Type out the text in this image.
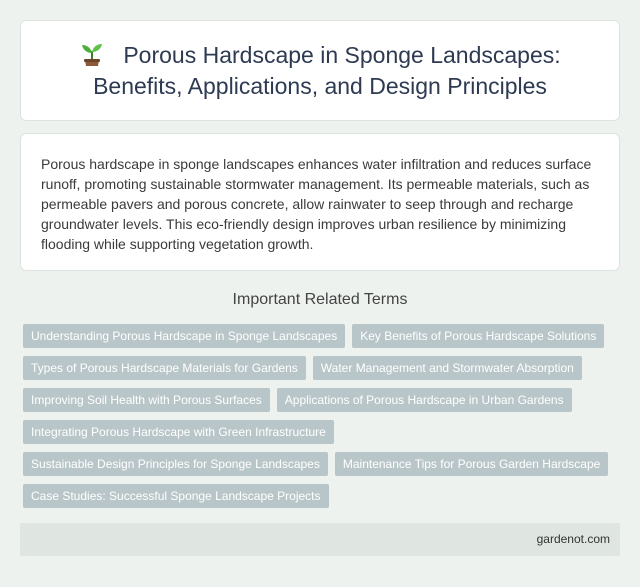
Porous Hardscape in Sponge Landscapes: Benefits, Applications, and Design Principles

Porous hardscape in sponge landscapes enhances water infiltration and reduces surface runoff, promoting sustainable stormwater management. Its permeable materials, such as permeable pavers and porous concrete, allow rainwater to seep through and recharge groundwater levels. This eco-friendly design improves urban resilience by minimizing flooding while supporting vegetation growth.

Important Related Terms
Understanding Porous Hardscape in Sponge Landscapes	Key Benefits of Porous Hardscape Solutions
Types of Porous Hardscape Materials for Gardens	Water Management and Stormwater Absorption
Improving Soil Health with Porous Surfaces	Applications of Porous Hardscape in Urban Gardens
Integrating Porous Hardscape with Green Infrastructure
Sustainable Design Principles for Sponge Landscapes	Maintenance Tips for Porous Garden Hardscape
Case Studies: Successful Sponge Landscape Projects
gardenot.com
